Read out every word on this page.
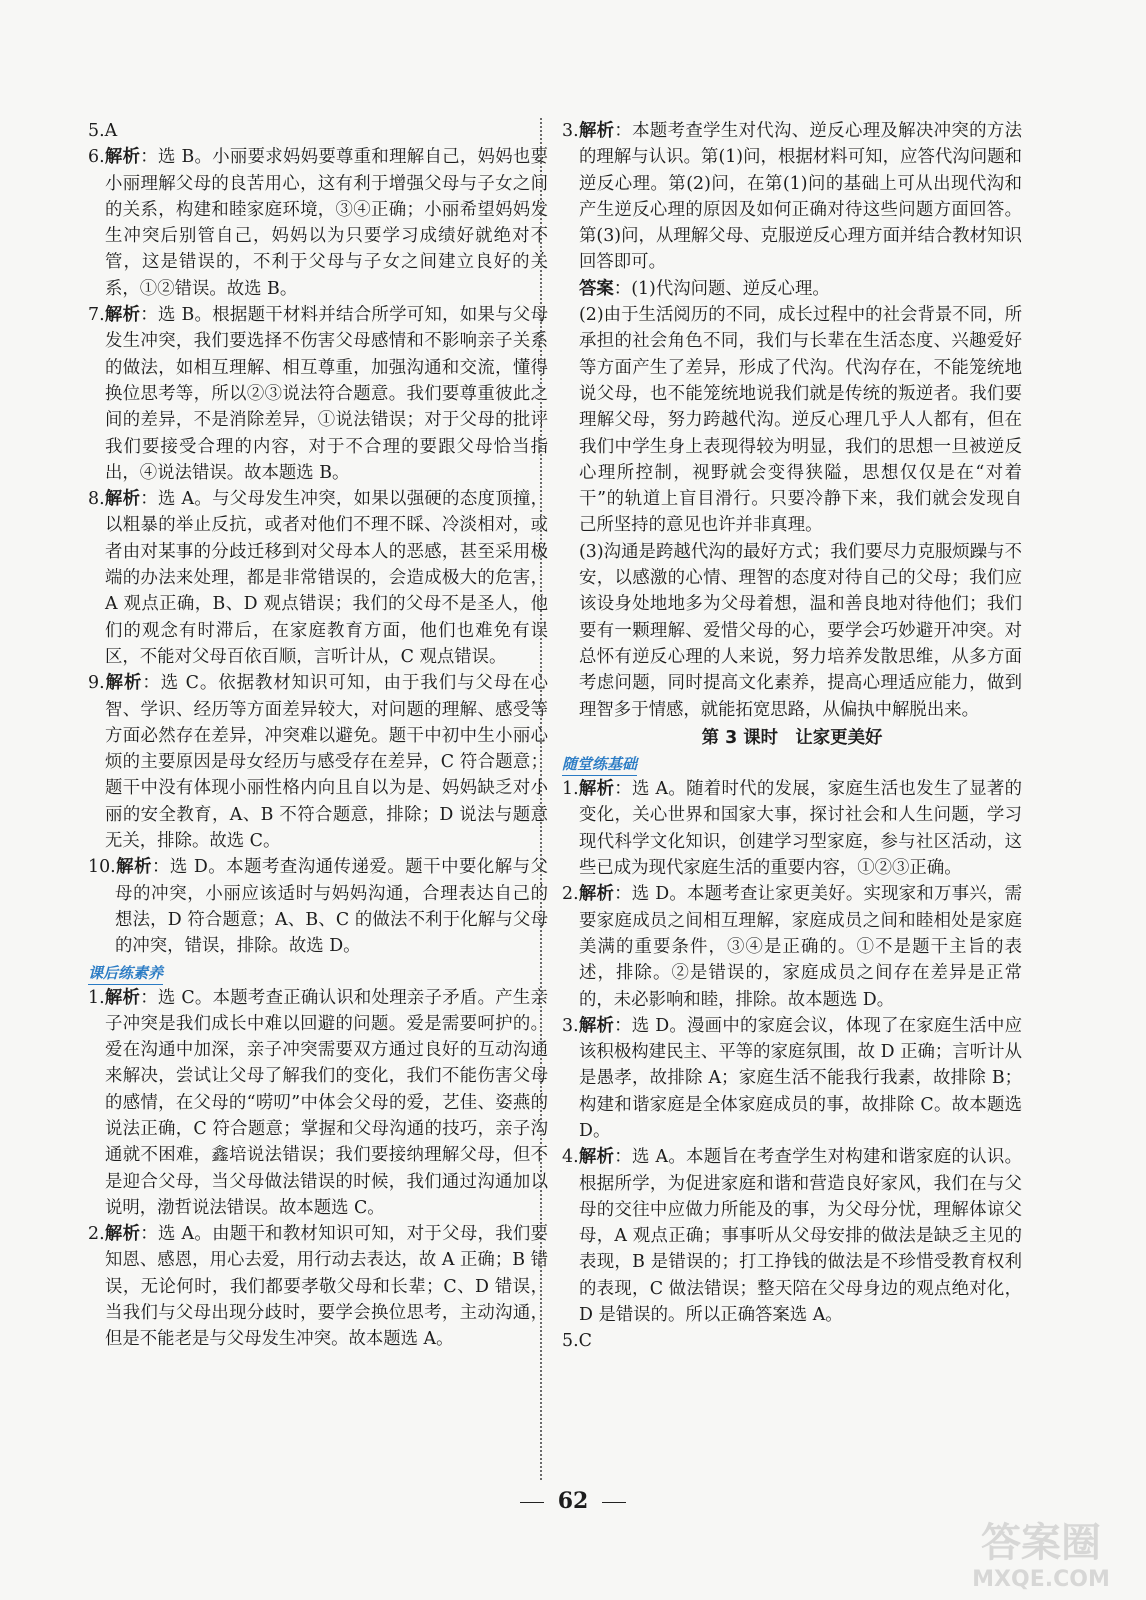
5.A

6.解析：选 B。小丽要求妈妈要尊重和理解自己，妈妈也要小丽理解父母的良苦用心，这有利于增强父母与子女之间的关系，构建和睦家庭环境，③④正确；小丽希望妈妈发生冲突后别管自己，妈妈以为只要学习成绩好就绝对不管，这是错误的，不利于父母与子女之间建立良好的关系，①②错误。故选 B。

7.解析：选 B。根据题干材料并结合所学可知，如果与父母发生冲突，我们要选择不伤害父母感情和不影响亲子关系的做法，如相互理解、相互尊重，加强沟通和交流，懂得换位思考等，所以②③说法符合题意。我们要尊重彼此之间的差异，不是消除差异，①说法错误；对于父母的批评我们要接受合理的内容，对于不合理的要跟父母恰当指出，④说法错误。故本题选 B。

8.解析：选 A。与父母发生冲突，如果以强硬的态度顶撞，以粗暴的举止反抗，或者对他们不理不睬、冷淡相对，或者由对某事的分歧迁移到对父母本人的恶感，甚至采用极端的办法来处理，都是非常错误的，会造成极大的危害，A 观点正确，B、D 观点错误；我们的父母不是圣人，他们的观念有时滞后，在家庭教育方面，他们也难免有误区，不能对父母百依百顺，言听计从，C 观点错误。

9.解析：选 C。依据教材知识可知，由于我们与父母在心智、学识、经历等方面差异较大，对问题的理解、感受等方面必然存在差异，冲突难以避免。题干中初中生小丽心烦的主要原因是母女经历与感受存在差异，C 符合题意；题干中没有体现小丽性格内向且自以为是、妈妈缺乏对小丽的安全教育，A、B 不符合题意，排除；D 说法与题意无关，排除。故选 C。

10.解析：选 D。本题考查沟通传递爱。题干中要化解与父母的冲突，小丽应该适时与妈妈沟通，合理表达自己的想法，D 符合题意；A、B、C 的做法不利于化解与父母的冲突，错误，排除。故选 D。

课后练素养

1.解析：选 C。本题考查正确认识和处理亲子矛盾。产生亲子冲突是我们成长中难以回避的问题。爱是需要呵护的。爱在沟通中加深，亲子冲突需要双方通过良好的互动沟通来解决，尝试让父母了解我们的变化，我们不能伤害父母的感情，在父母的“唠叨”中体会父母的爱，艺佳、姿燕的说法正确，C 符合题意；掌握和父母沟通的技巧，亲子沟通就不困难，鑫培说法错误；我们要接纳理解父母，但不是迎合父母，当父母做法错误的时候，我们通过沟通加以说明，渤哲说法错误。故本题选 C。

2.解析：选 A。由题干和教材知识可知，对于父母，我们要知恩、感恩，用心去爱，用行动去表达，故 A 正确；B 错误，无论何时，我们都要孝敬父母和长辈；C、D 错误，当我们与父母出现分歧时，要学会换位思考，主动沟通，但是不能老是与父母发生冲突。故本题选 A。

3.解析：本题考查学生对代沟、逆反心理及解决冲突的方法的理解与认识。第(1)问，根据材料可知，应答代沟问题和逆反心理。第(2)问，在第(1)问的基础上可从出现代沟和产生逆反心理的原因及如何正确对待这些问题方面回答。第(3)问，从理解父母、克服逆反心理方面并结合教材知识回答即可。

答案：(1)代沟问题、逆反心理。

(2)由于生活阅历的不同，成长过程中的社会背景不同，所承担的社会角色不同，我们与长辈在生活态度、兴趣爱好等方面产生了差异，形成了代沟。代沟存在，不能笼统地说父母，也不能笼统地说我们就是传统的叛逆者。我们要理解父母，努力跨越代沟。逆反心理几乎人人都有，但在我们中学生身上表现得较为明显，我们的思想一旦被逆反心理所控制，视野就会变得狭隘，思想仅仅是在“对着干”的轨道上盲目滑行。只要冷静下来，我们就会发现自己所坚持的意见也许并非真理。

(3)沟通是跨越代沟的最好方式；我们要尽力克服烦躁与不安，以感激的心情、理智的态度对待自己的父母；我们应该设身处地地多为父母着想，温和善良地对待他们；我们要有一颗理解、爱惜父母的心，要学会巧妙避开冲突。对总怀有逆反心理的人来说，努力培养发散思维，从多方面考虑问题，同时提高文化素养，提高心理适应能力，做到理智多于情感，就能拓宽思路，从偏执中解脱出来。

第 3 课时　让家更美好
随堂练基础

1.解析：选 A。随着时代的发展，家庭生活也发生了显著的变化，关心世界和国家大事，探讨社会和人生问题，学习现代科学文化知识，创建学习型家庭，参与社区活动，这些已成为现代家庭生活的重要内容，①②③正确。

2.解析：选 D。本题考查让家更美好。实现家和万事兴，需要家庭成员之间相互理解，家庭成员之间和睦相处是家庭美满的重要条件，③④是正确的。①不是题干主旨的表述，排除。②是错误的，家庭成员之间存在差异是正常的，未必影响和睦，排除。故本题选 D。

3.解析：选 D。漫画中的家庭会议，体现了在家庭生活中应该积极构建民主、平等的家庭氛围，故 D 正确；言听计从是愚孝，故排除 A；家庭生活不能我行我素，故排除 B；构建和谐家庭是全体家庭成员的事，故排除 C。故本题选 D。

4.解析：选 A。本题旨在考查学生对构建和谐家庭的认识。根据所学，为促进家庭和谐和营造良好家风，我们在与父母的交往中应做力所能及的事，为父母分忧，理解体谅父母，A 观点正确；事事听从父母安排的做法是缺乏主见的表现，B 是错误的；打工挣钱的做法是不珍惜受教育权利的表现，C 做法错误；整天陪在父母身边的观点绝对化，D 是错误的。所以正确答案选 A。

5.C

62
答案圈
MXQE.COM
